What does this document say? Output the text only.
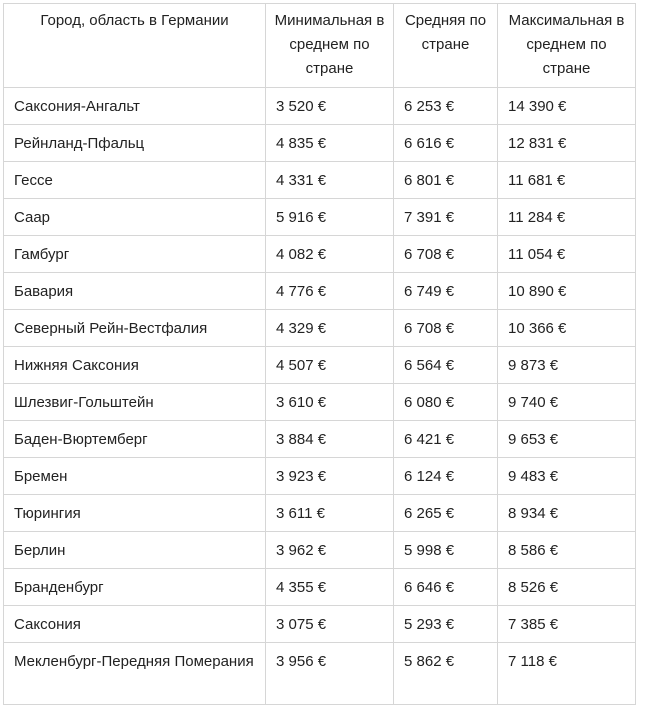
Город, область в Германии	Минимальная в среднем по стране	Средняя по стране	Максимальная в среднем по стране
Саксония-Ангальт	3 520 €	6 253 €	14 390 €
Рейнланд-Пфальц	4 835 €	6 616 €	12 831 €
Гессе	4 331 €	6 801 €	11 681 €
Саар	5 916 €	7 391 €	11 284 €
Гамбург	4 082 €	6 708 €	11 054 €
Бавария	4 776 €	6 749 €	10 890 €
Северный Рейн-Вестфалия	4 329 €	6 708 €	10 366 €
Нижняя Саксония	4 507 €	6 564 €	9 873 €
Шлезвиг-Гольштейн	3 610 €	6 080 €	9 740 €
Баден-Вюртемберг	3 884 €	6 421 €	9 653 €
Бремен	3 923 €	6 124 €	9 483 €
Тюрингия	3 611 €	6 265 €	8 934 €
Берлин	3 962 €	5 998 €	8 586 €
Бранденбург	4 355 €	6 646 €	8 526 €
Саксония	3 075 €	5 293 €	7 385 €
Мекленбург-Передняя Померания	3 956 €	5 862 €	7 118 €
